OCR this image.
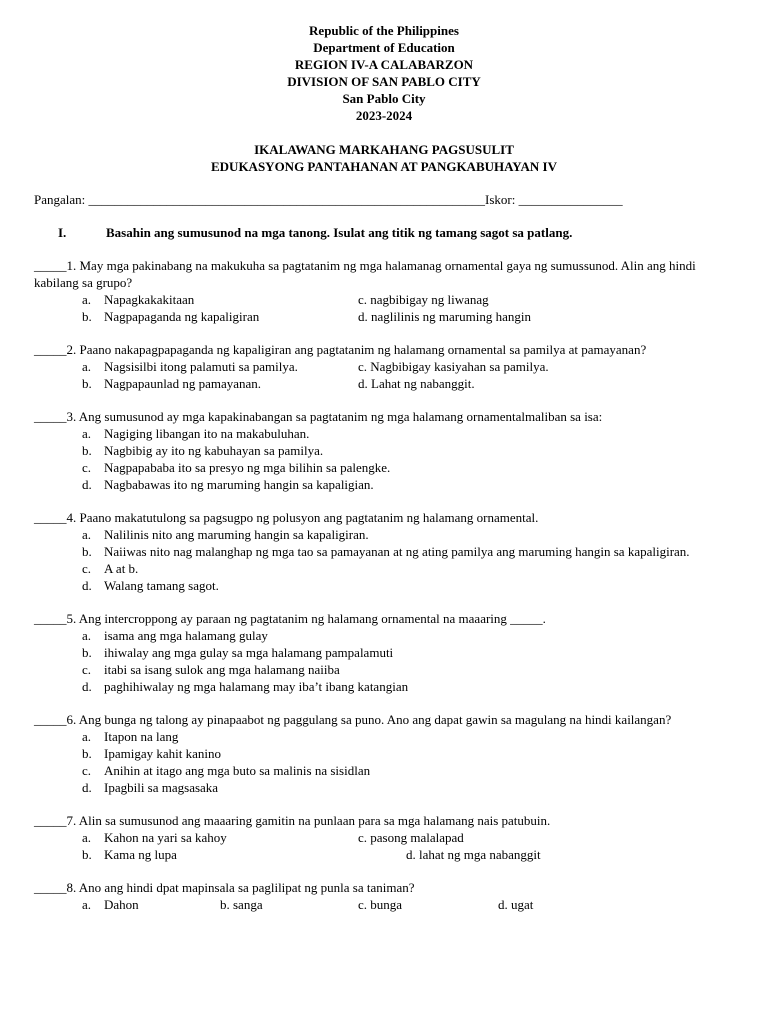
Republic of the Philippines
Department of Education
REGION IV-A CALABARZON
DIVISION OF SAN PABLO CITY
San Pablo City
2023-2024
IKALAWANG MARKAHANG PAGSUSULIT
EDUKASYONG PANTAHANAN AT PANGKABUHAYAN IV
Pangalan: _____________________________________________________________Iskor: ________________
I.	Basahin ang sumusunod na mga tanong. Isulat ang titik ng tamang sagot sa patlang.
_____1. May mga pakinabang na makukuha sa pagtatanim ng mga halamanag ornamental gaya ng sumussunod. Alin ang hindi kabilang sa grupo?
a. Napagkakakitaan	c. nagbibigay ng liwanag
b. Nagpapaganda ng kapaligiran	d. naglilinis ng maruming hangin
_____2. Paano nakapagpapaganda ng kapaligiran ang pagtatanim ng halamang ornamental sa pamilya at pamayanan?
a. Nagsisilbi itong palamuti sa pamilya.	c. Nagbibigay kasiyahan sa pamilya.
b. Nagpapaunlad ng pamayanan.	d. Lahat ng nabanggit.
_____3. Ang sumusunod ay mga kapakinabangan sa pagtatanim ng mga halamang ornamentalmaliban sa isa:
a. Nagiging libangan ito na makabuluhan.
b. Nagbibig ay ito ng kabuhayan sa pamilya.
c. Nagpapababa ito sa presyo ng mga bilihin sa palengke.
d. Nagbabawas ito ng maruming hangin sa kapaligian.
_____4. Paano makatutulong sa pagsugpo ng polusyon ang pagtatanim ng halamang ornamental.
a. Nalilinis nito ang maruming hangin sa kapaligiran.
b. Naiiwas nito nag malanghap ng mga tao sa pamayanan at ng ating pamilya ang maruming hangin sa kapaligiran.
c. A at b.
d. Walang tamang sagot.
_____5. Ang intercroppong ay paraan ng pagtatanim ng halamang ornamental na maaaring _____.
a. isama ang mga halamang gulay
b. ihiwalay ang mga gulay sa mga halamang pampalamuti
c. itabi sa isang sulok ang mga halamang naiiba
d. paghihiwalay ng mga halamang may iba’t ibang katangian
_____6. Ang bunga ng talong ay pinapaabot ng paggulang sa puno. Ano ang dapat gawin sa magulang na hindi kailangan?
a. Itapon na lang
b. Ipamigay kahit kanino
c. Anihin at itago ang mga buto sa malinis na sisidlan
d. Ipagbili sa magsasaka
_____7. Alin sa sumusunod ang maaaring gamitin na punlaan para sa mga halamang nais patubuin.
a. Kahon na yari sa kahoy	c. pasong malalapad
b. Kama ng lupa	d. lahat ng mga nabanggit
_____8. Ano ang hindi dpat mapinsala sa paglilipat ng punla sa taniman?
a. Dahon	b. sanga	c. bunga	d. ugat
